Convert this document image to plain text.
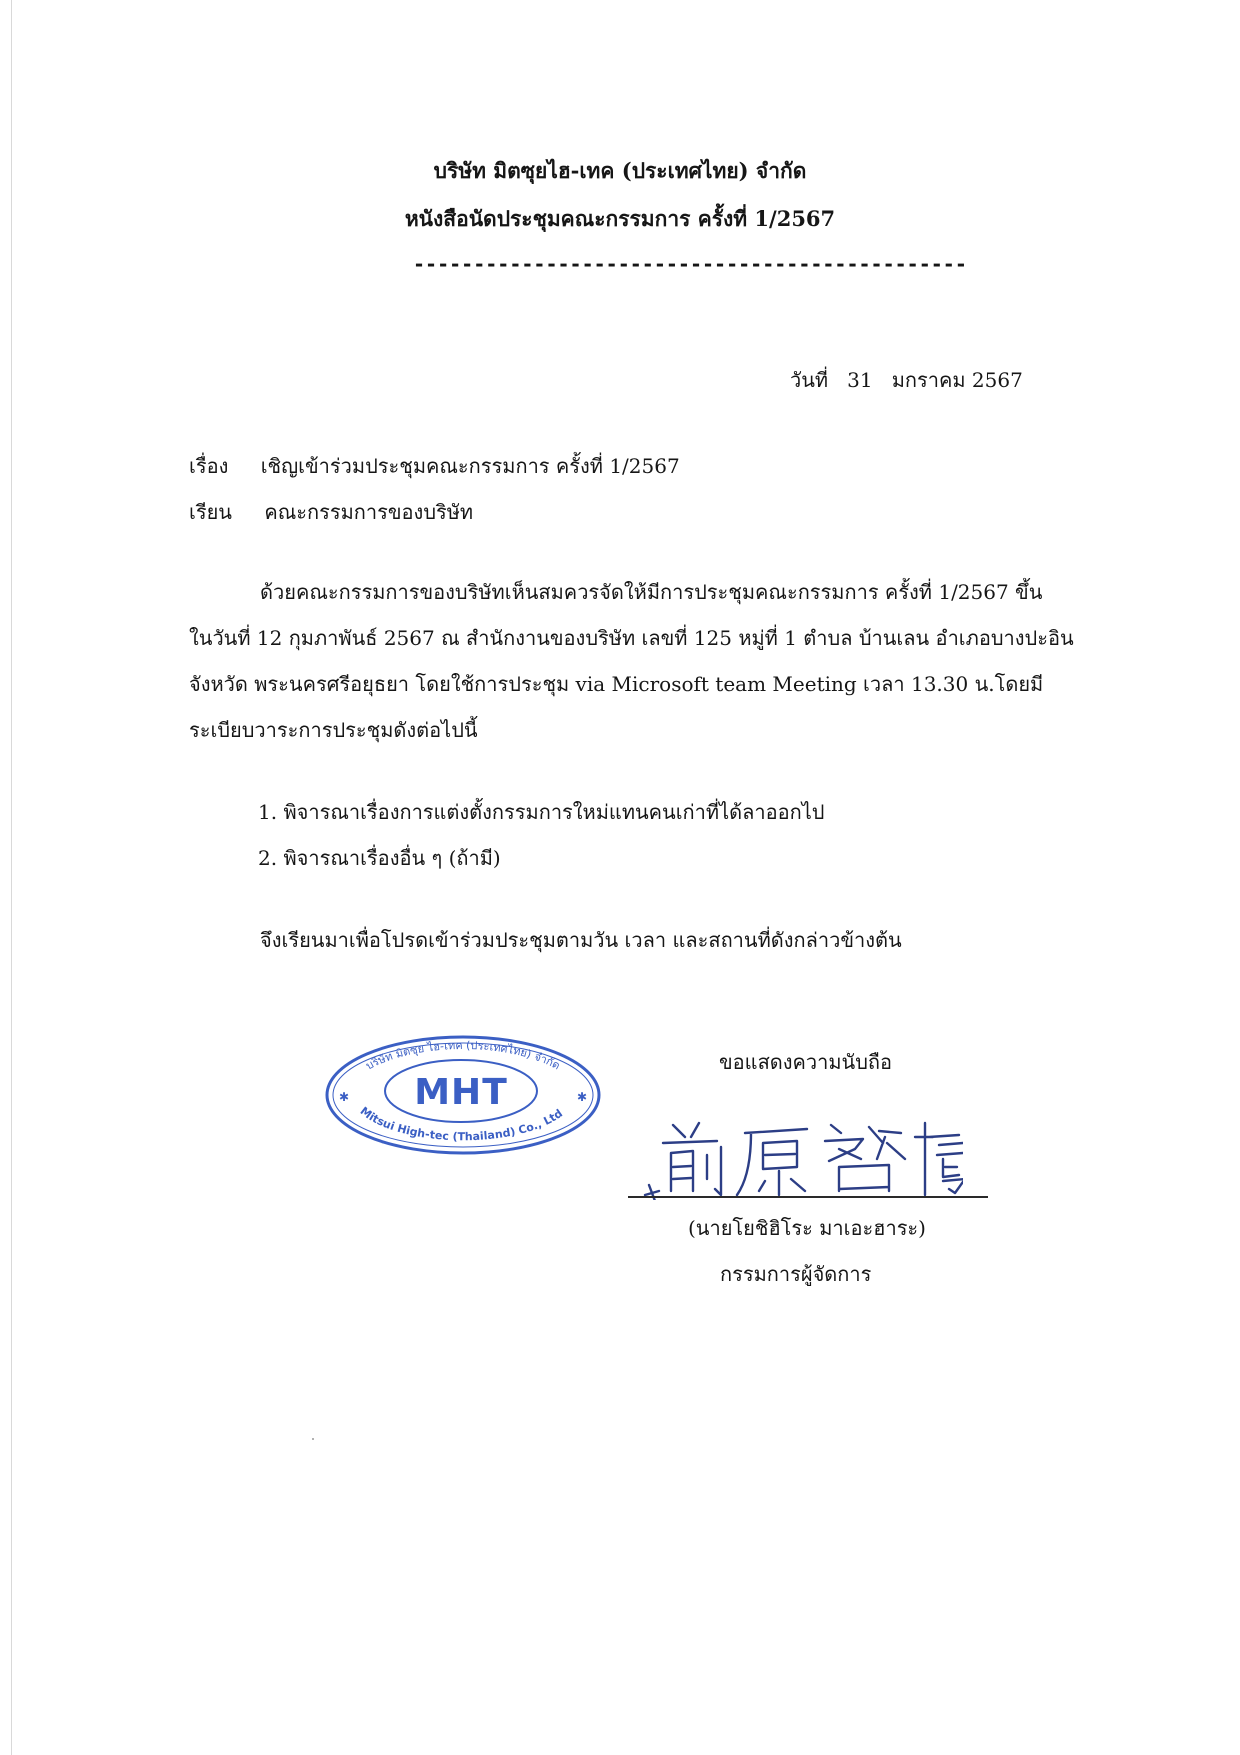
บริษัท มิตซุยไฮ-เทค (ประเทศไทย) จำกัด
หนังสือนัดประชุมคณะกรรมการ ครั้งที่ 1/2567
----------------------------------------------
วันที่ 31 มกราคม 2567
เรื่อง เชิญเข้าร่วมประชุมคณะกรรมการ ครั้งที่ 1/2567
เรียน คณะกรรมการของบริษัท
ด้วยคณะกรรมการของบริษัทเห็นสมควรจัดให้มีการประชุมคณะกรรมการ ครั้งที่ 1/2567 ขึ้น
ในวันที่ 12 กุมภาพันธ์ 2567 ณ สำนักงานของบริษัท เลขที่ 125 หมู่ที่ 1 ตำบล บ้านเลน อำเภอบางปะอิน
จังหวัด พระนครศรีอยุธยา โดยใช้การประชุม via Microsoft team Meeting เวลา 13.30 น.โดยมี
ระเบียบวาระการประชุมดังต่อไปนี้
1. พิจารณาเรื่องการแต่งตั้งกรรมการใหม่แทนคนเก่าที่ได้ลาออกไป
2. พิจารณาเรื่องอื่น ๆ (ถ้ามี)
จึงเรียนมาเพื่อโปรดเข้าร่วมประชุมตามวัน เวลา และสถานที่ดังกล่าวข้างต้น
ขอแสดงความนับถือ
บริษัท มิตซุย ไฮ-เทค (ประเทศไทย) จำกัด
MHT
Mitsui High-tec (Thailand) Co., Ltd
✱	✱
(นายโยชิฮิโระ มาเอะฮาระ)
กรรมการผู้จัดการ
